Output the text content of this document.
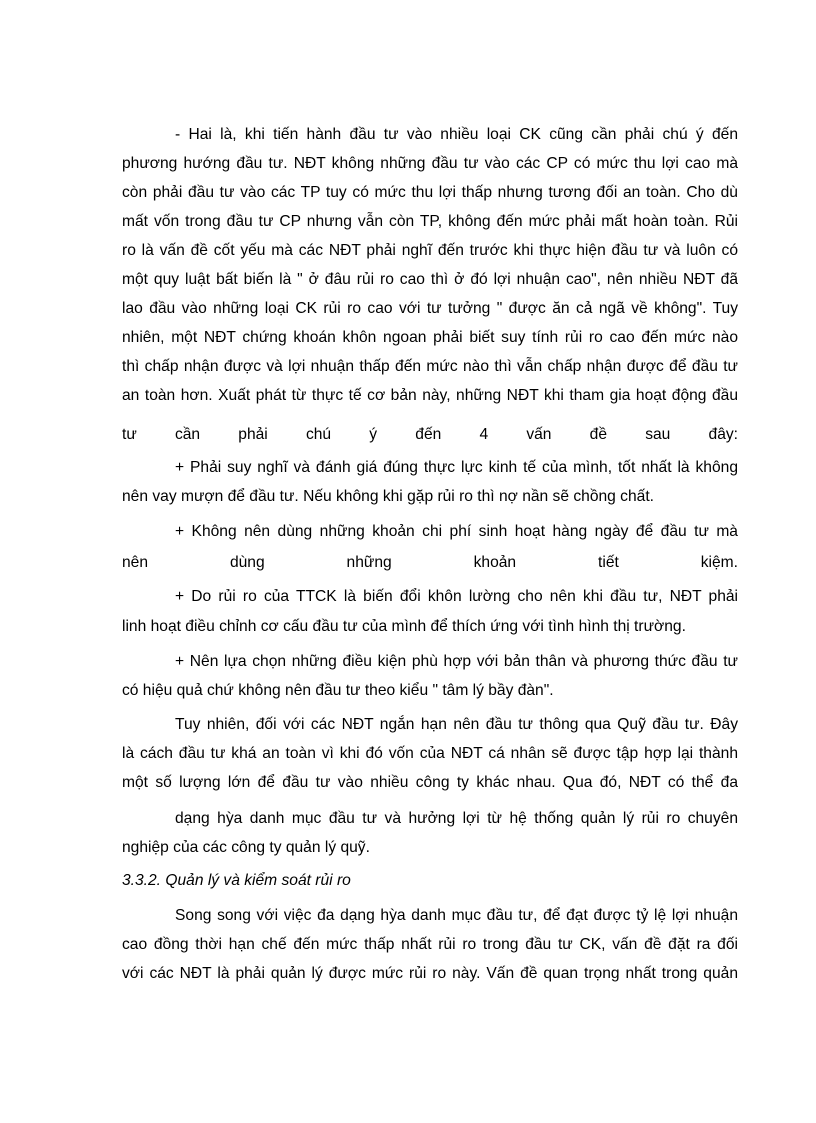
- Hai là, khi tiến hành đầu tư vào nhiều loại CK cũng cần phải chú ý đến
phương hướng đầu tư. NĐT không những đầu tư vào các CP có mức thu lợi cao mà
còn phải đầu tư vào các TP tuy có mức thu lợi thấp nhưng tương đối an toàn. Cho dù
mất vốn trong đầu tư CP nhưng vẫn còn TP, không đến mức phải mất hoàn toàn. Rủi
ro là vấn đề cốt yếu mà các NĐT phải nghĩ đến trước khi thực hiện đầu tư và luôn có
một quy luật bất biến là " ở đâu rủi ro cao thì ở đó lợi nhuận cao", nên nhiều NĐT đã
lao đầu vào những loại CK rủi ro cao với tư tưởng " được ăn cả ngã về không". Tuy
nhiên, một NĐT chứng khoán khôn ngoan phải biết suy tính rủi ro cao đến mức nào
thì chấp nhận được và lợi nhuận thấp đến mức nào thì vẫn chấp nhận được để đầu tư
an toàn hơn. Xuất phát từ thực tế cơ bản này, những NĐT khi tham gia hoạt động đầu
tư cần phải chú ý đến 4 vấn đề sau đây:
+ Phải suy nghĩ và đánh giá đúng thực lực kinh tế của mình, tốt nhất là không
nên vay mượn để đầu tư. Nếu không khi gặp rủi ro thì nợ nần sẽ chồng chất.
+ Không nên dùng những khoản chi phí sinh hoạt hàng ngày để đầu tư mà
nên dùng những khoản tiết kiệm.
+ Do rủi ro của TTCK là biến đổi khôn lường cho nên khi đầu tư, NĐT phải
linh hoạt điều chỉnh cơ cấu đầu tư của mình để thích ứng với tình hình thị trường.
+ Nên lựa chọn những điều kiện phù hợp với bản thân và phương thức đầu tư
có hiệu quả chứ không nên đầu tư theo kiểu " tâm lý bầy đàn".
Tuy nhiên, đối với các NĐT ngắn hạn nên đầu tư thông qua Quỹ đầu tư. Đây
là cách đầu tư khá an toàn vì khi đó vốn của NĐT cá nhân sẽ được tập hợp lại thành
một số lượng lớn để đầu tư vào nhiều công ty khác nhau. Qua đó, NĐT có thể đa
dạng hỳa danh mục đầu tư và hưởng lợi từ hệ thống quản lý rủi ro chuyên
nghiệp của các công ty quản lý quỹ.
3.3.2. Quản lý và kiểm soát rủi ro
Song song với việc đa dạng hỳa danh mục đầu tư, để đạt được tỷ lệ lợi nhuận
cao đồng thời hạn chế đến mức thấp nhất rủi ro trong đầu tư CK, vấn đề đặt ra đối
với các NĐT là phải quản lý được mức rủi ro này. Vấn đề quan trọng nhất trong quản
